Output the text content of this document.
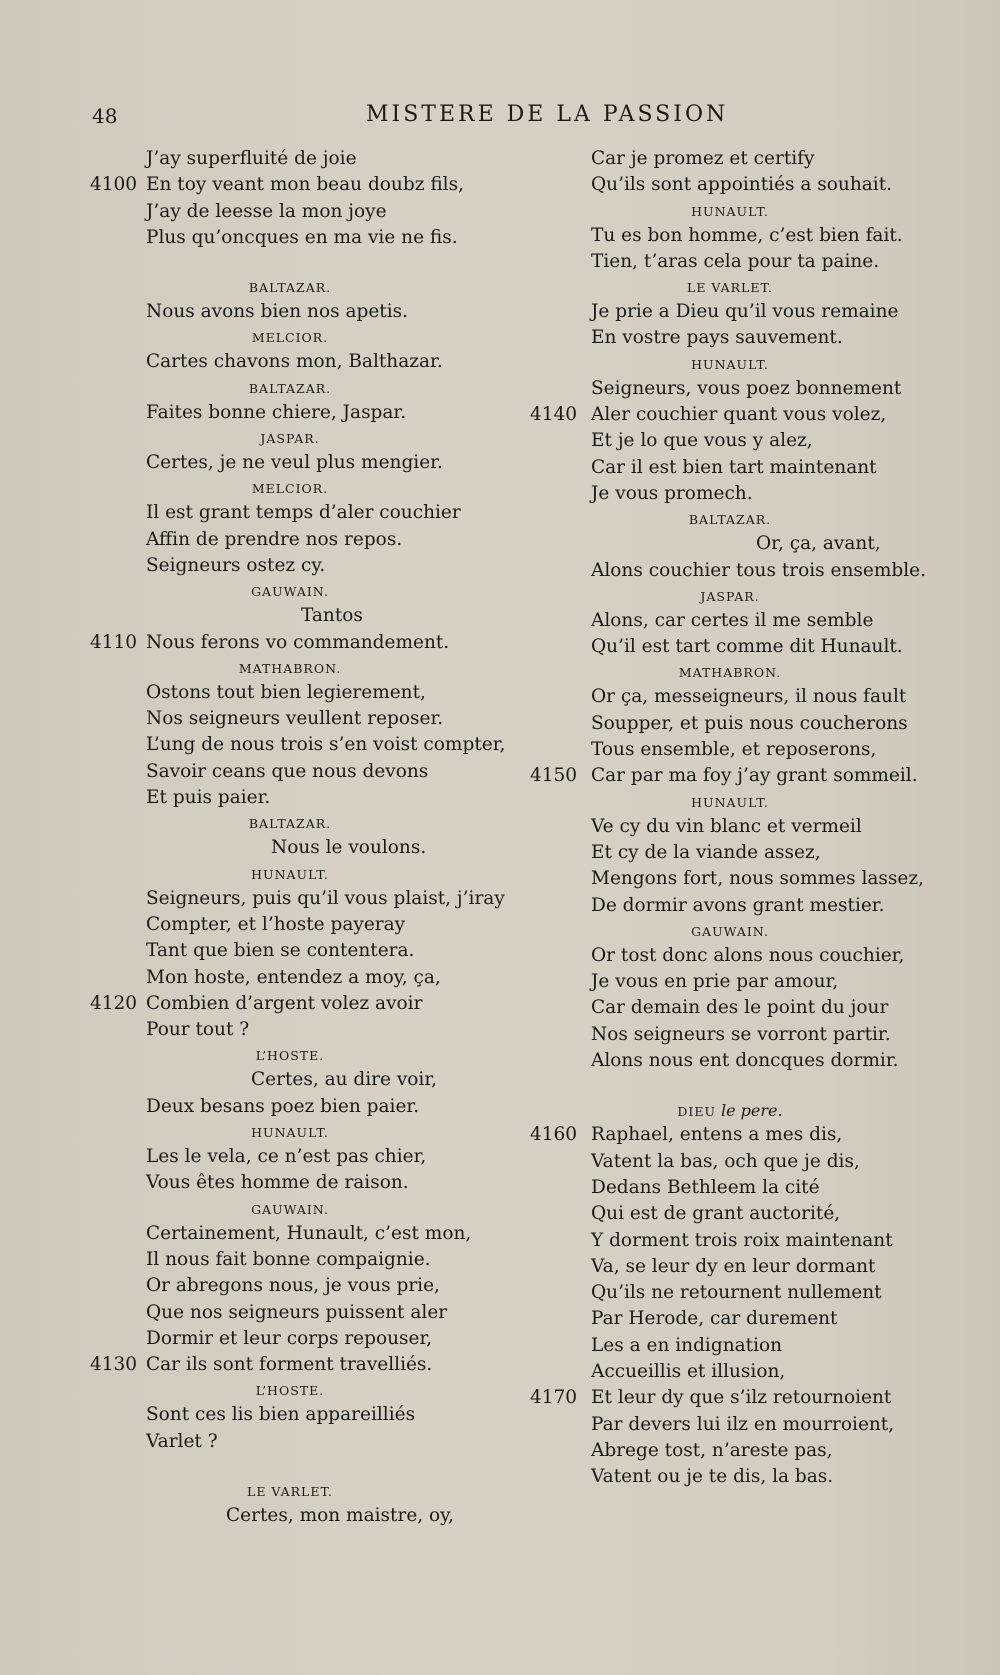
48	MISTERE DE LA PASSION
J’ay superfluité de joie
4100 En toy veant mon beau doubz fils,
J’ay de leesse la mon joye
Plus qu’oncques en ma vie ne fis.
BALTAZAR.
Nous avons bien nos apetis.
MELCIOR.
Cartes chavons mon, Balthazar.
BALTAZAR.
Faites bonne chiere, Jaspar.
JASPAR.
Certes, je ne veul plus mengier.
MELCIOR.
Il est grant temps d’aler couchier
Affin de prendre nos repos.
Seigneurs ostez cy.
GAUWAIN.
Tantos
4110 Nous ferons vo commandement.
MATHABRON.
Ostons tout bien legierement,
Nos seigneurs veullent reposer.
L’ung de nous trois s’en voist compter,
Savoir ceans que nous devons
Et puis paier.
BALTAZAR.
Nous le voulons.
HUNAULT.
Seigneurs, puis qu’il vous plaist, j’iray
Compter, et l’hoste payeray
Tant que bien se contentera.
Mon hoste, entendez a moy, ça,
4120 Combien d’argent volez avoir
Pour tout ?
L’HOSTE.
Certes, au dire voir,
Deux besans poez bien paier.
HUNAULT.
Les le vela, ce n’est pas chier,
Vous êtes homme de raison.
GAUWAIN.
Certainement, Hunault, c’est mon,
Il nous fait bonne compaignie.
Or abregons nous, je vous prie,
Que nos seigneurs puissent aler
Dormir et leur corps repouser,
4130 Car ils sont forment travelliés.
L’HOSTE.
Sont ces lis bien appareilliés
Varlet ?
LE VARLET.
Certes, mon maistre, oy,
Car je promez et certify
Qu’ils sont appointiés a souhait.
HUNAULT.
Tu es bon homme, c’est bien fait.
Tien, t’aras cela pour ta paine.
LE VARLET.
Je prie a Dieu qu’il vous remaine
En vostre pays sauvement.
HUNAULT.
Seigneurs, vous poez bonnement
4140 Aler couchier quant vous volez,
Et je lo que vous y alez,
Car il est bien tart maintenant
Je vous promech.
BALTAZAR.
Or, ça, avant,
Alons couchier tous trois ensemble.
JASPAR.
Alons, car certes il me semble
Qu’il est tart comme dit Hunault.
MATHABRON.
Or ça, messeigneurs, il nous fault
Soupper, et puis nous coucherons
Tous ensemble, et reposerons,
4150 Car par ma foy j’ay grant sommeil.
HUNAULT.
Ve cy du vin blanc et vermeil
Et cy de la viande assez,
Mengons fort, nous sommes lassez,
De dormir avons grant mestier.
GAUWAIN.
Or tost donc alons nous couchier,
Je vous en prie par amour,
Car demain des le point du jour
Nos seigneurs se vorront partir.
Alons nous ent doncques dormir.
DIEU le pere.
4160 Raphael, entens a mes dis,
Vatent la bas, och que je dis,
Dedans Bethleem la cité
Qui est de grant auctorité,
Y dorment trois roix maintenant
Va, se leur dy en leur dormant
Qu’ils ne retournent nullement
Par Herode, car durement
Les a en indignation
Accueillis et illusion,
4170 Et leur dy que s’ilz retournoient
Par devers lui ilz en mourroient,
Abrege tost, n’areste pas,
Vatent ou je te dis, la bas.
